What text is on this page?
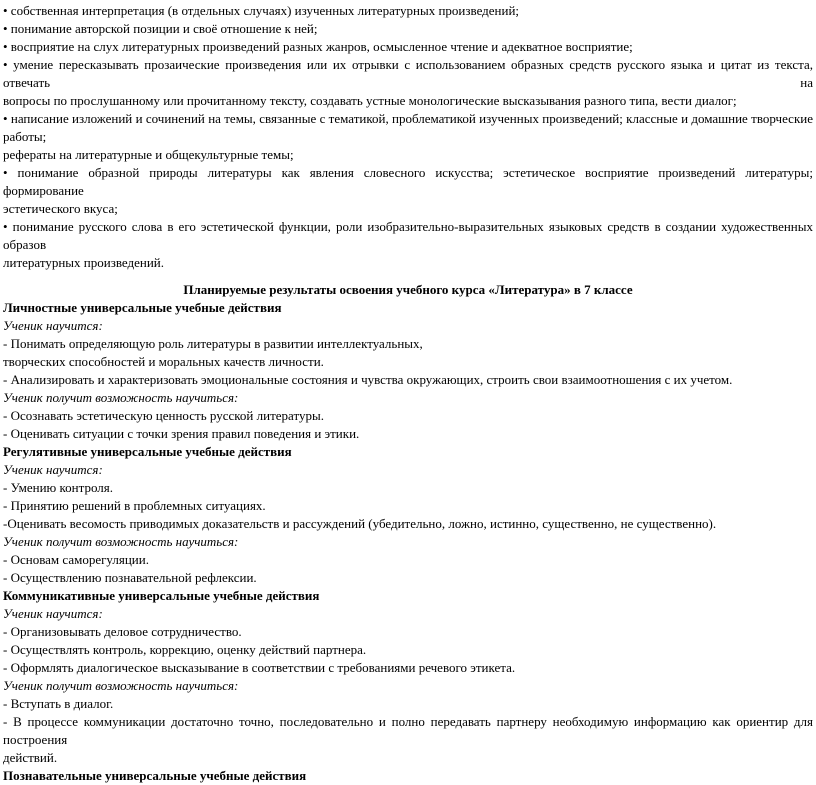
• собственная интерпретация (в отдельных случаях) изученных литературных произведений;
• понимание авторской позиции и своё отношение к ней;
• восприятие на слух литературных произведений разных жанров, осмысленное чтение и адекватное восприятие;
• умение пересказывать прозаические произведения или их отрывки с использованием образных средств русского языка и цитат из текста, отвечать на
вопросы по прослушанному или прочитанному тексту, создавать устные монологические высказывания разного типа, вести диалог;
• написание изложений и сочинений на темы, связанные с тематикой, проблематикой изученных произведений; классные и домашние творческие работы;
рефераты на литературные и общекультурные темы;
• понимание образной природы литературы как явления словесного искусства; эстетическое восприятие произведений литературы; формирование
эстетического вкуса;
• понимание русского слова в его эстетической функции, роли изобразительно-выразительных языковых средств в создании художественных образов
литературных произведений.
Планируемые результаты освоения учебного курса «Литература» в 7 классе
Личностные универсальные учебные действия
Ученик научится:
- Понимать определяющую роль литературы в развитии интеллектуальных,
творческих способностей и моральных качеств личности.
- Анализировать и характеризовать эмоциональные состояния и чувства окружающих, строить свои взаимоотношения с их учетом.
Ученик получит возможность научиться:
- Осознавать эстетическую ценность русской литературы.
- Оценивать ситуации с точки зрения правил поведения и этики.
Регулятивные универсальные учебные действия
Ученик научится:
- Умению контроля.
- Принятию решений в проблемных ситуациях.
-Оценивать весомость приводимых доказательств и рассуждений (убедительно, ложно, истинно, существенно, не существенно).
Ученик получит возможность научиться:
- Основам саморегуляции.
- Осуществлению познавательной рефлексии.
Коммуникативные универсальные учебные действия
Ученик научится:
- Организовывать деловое сотрудничество.
- Осуществлять контроль, коррекцию, оценку действий партнера.
- Оформлять диалогическое высказывание в соответствии с требованиями речевого этикета.
Ученик получит возможность научиться:
- Вступать в диалог.
- В процессе коммуникации достаточно точно, последовательно и полно передавать партнеру необходимую информацию как ориентир для построения
действий.
Познавательные универсальные учебные действия
